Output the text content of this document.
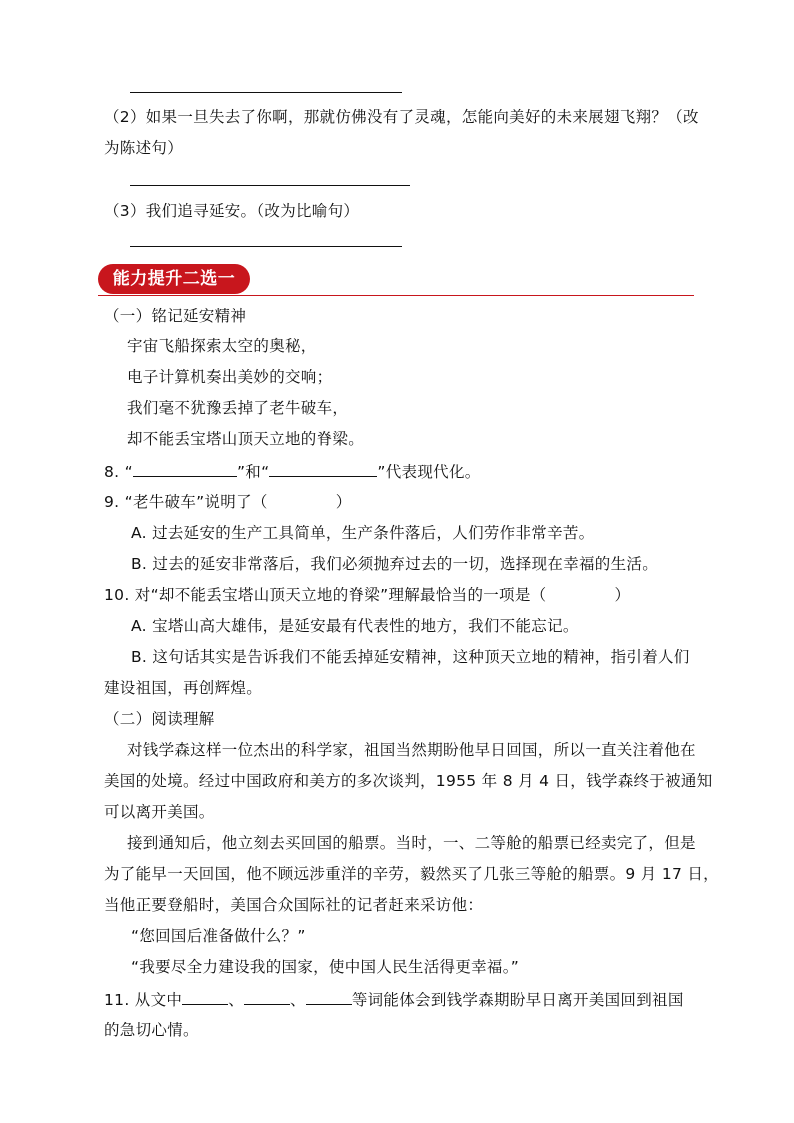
（2）如果一旦失去了你啊，那就仿佛没有了灵魂，怎能向美好的未来展翅飞翔？（改
为陈述句）
（3）我们追寻延安。（改为比喻句）
能力提升二选一
（一）铭记延安精神
宇宙飞船探索太空的奥秘，
电子计算机奏出美妙的交响；
我们毫不犹豫丢掉了老牛破车，
却不能丢宝塔山顶天立地的脊梁。
8. “	”和“	”代表现代化。
9. “老牛破车”说明了（	）
A. 过去延安的生产工具简单，生产条件落后，人们劳作非常辛苦。
B. 过去的延安非常落后，我们必须抛弃过去的一切，选择现在幸福的生活。
10. 对“却不能丢宝塔山顶天立地的脊梁”理解最恰当的一项是（	）
A. 宝塔山高大雄伟，是延安最有代表性的地方，我们不能忘记。
B. 这句话其实是告诉我们不能丢掉延安精神，这种顶天立地的精神，指引着人们
建设祖国，再创辉煌。
（二）阅读理解
对钱学森这样一位杰出的科学家，祖国当然期盼他早日回国，所以一直关注着他在
美国的处境。经过中国政府和美方的多次谈判，1955 年 8 月 4 日，钱学森终于被通知
可以离开美国。
接到通知后，他立刻去买回国的船票。当时，一、二等舱的船票已经卖完了，但是
为了能早一天回国，他不顾远涉重洋的辛劳，毅然买了几张三等舱的船票。9 月 17 日，
当他正要登船时，美国合众国际社的记者赶来采访他：
“您回国后准备做什么？”
“我要尽全力建设我的国家，使中国人民生活得更幸福。”
11. 从文中	、	、	等词能体会到钱学森期盼早日离开美国回到祖国
的急切心情。
